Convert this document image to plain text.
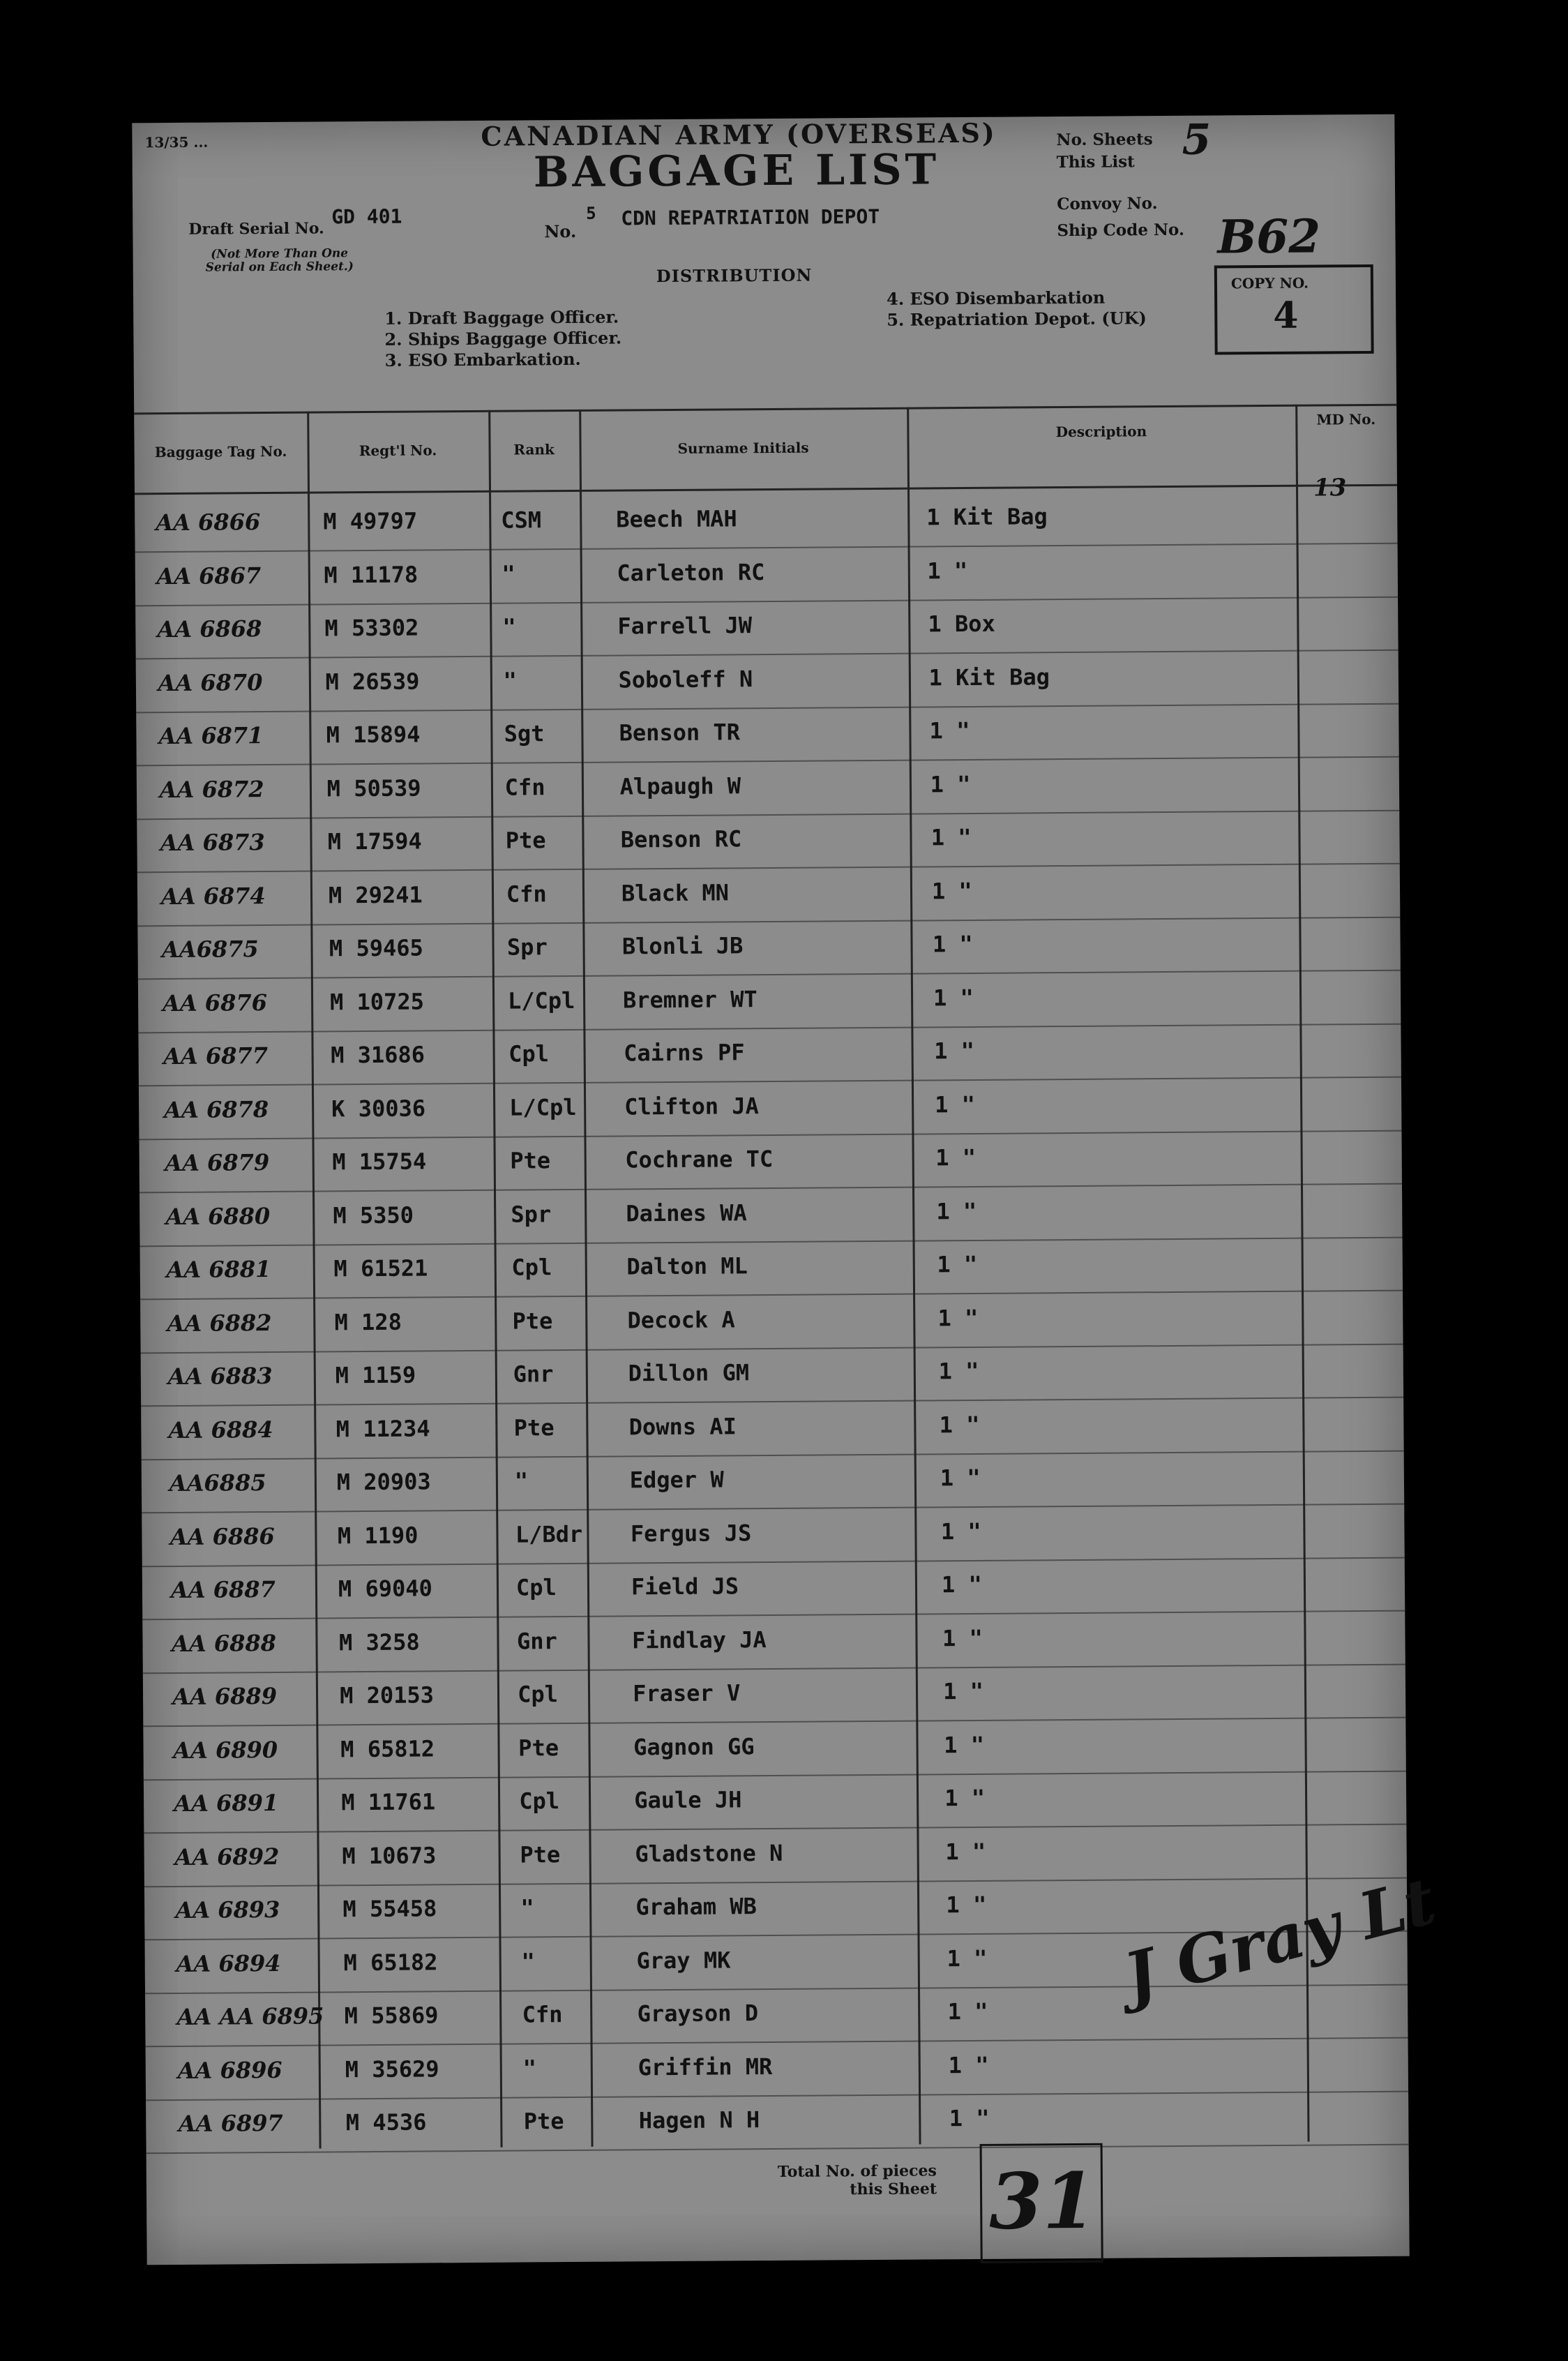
13/35 ...	CANADIAN ARMY (OVERSEAS)
BAGGAGE LIST
Draft Serial No.
GD 401
(Not More Than One Serial on Each Sheet.)
No.
5 CDN REPATRIATION DEPOT
No. Sheets
This List
Convoy No.
Ship Code No.
5
B62
COPY NO.
4
DISTRIBUTION
1. Draft Baggage Officer.
2. Ships Baggage Officer.
3. ESO Embarkation.
4. ESO Disembarkation
5. Repatriation Depot. (UK)
Baggage Tag No.	Regt'l No.	Rank	Surname Initials
Description
MD No.
13
AA 6866	M 49797	CSM	Beech MAH	1 Kit Bag
AA 6867	M 11178	"	Carleton RC	1 "
AA 6868	M 53302	"	Farrell JW	1 Box
AA 6870	M 26539	"	Soboleff N	1 Kit Bag
AA 6871	M 15894	Sgt	Benson TR	1 "
AA 6872	M 50539	Cfn	Alpaugh W	1 "
AA 6873	M 17594	Pte	Benson RC	1 "
AA 6874	M 29241	Cfn	Black MN	1 "
AA6875	M 59465	Spr	Blonli JB	1 "
AA 6876	M 10725	L/Cpl Bremner WT	1 "
AA 6877	M 31686	Cpl	Cairns PF	1 "
AA 6878	K 30036	L/Cpl Clifton JA	1 "
AA 6879	M 15754	Pte	Cochrane TC	1 "
AA 6880	M 5350	Spr	Daines WA	1 "
AA 6881	M 61521	Cpl	Dalton ML	1 "
AA 6882	M 128	Pte	Decock A	1 "
AA 6883	M 1159	Gnr	Dillon GM	1 "
AA 6884	M 11234	Pte	Downs AI	1 "
AA6885	M 20903	"	Edger W	1 "
AA 6886	M 1190	L/Bdr Fergus JS	1 "
AA 6887	M 69040	Cpl	Field JS	1 "
AA 6888	M 3258	Gnr	Findlay JA	1 "
AA 6889	M 20153	Cpl	Fraser V	1 "
AA 6890	M 65812	Pte	Gagnon GG	1 "
AA 6891	M 11761	Cpl	Gaule JH	1 "
AA 6892	M 10673	Pte	Gladstone N	1 "
AA 6893	M 55458	"	Graham WB	1 "
AA 6894	M 65182	"	Gray MK	1 "
AA AA 6895 M 55869	Cfn	Grayson D	1 "
AA 6896	M 35629	"	Griffin MR	1 "
AA 6897	M 4536	Pte	Hagen N H	1 "
Total No. of pieces
this Sheet 31
J Gray Lt
